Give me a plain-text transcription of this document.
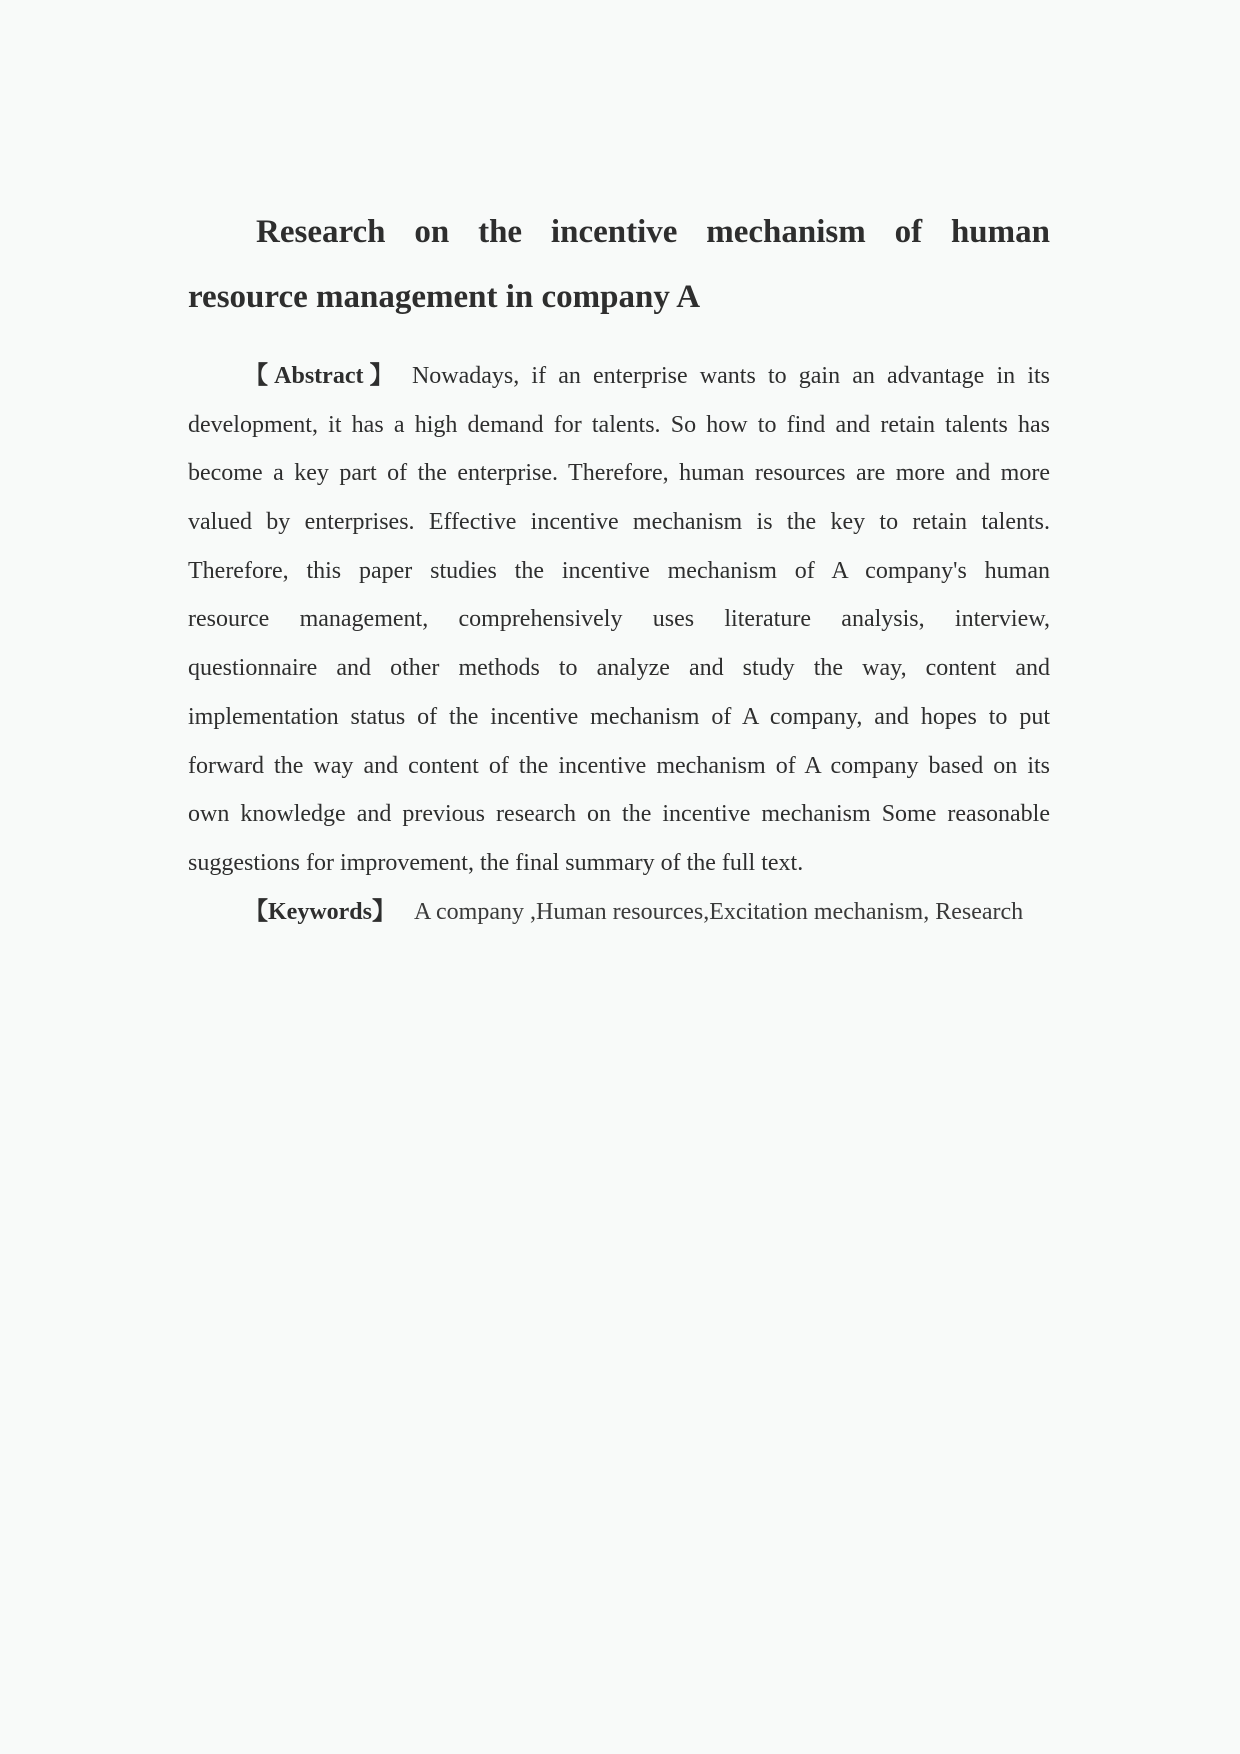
Research on the incentive mechanism of human
resource management in company A
【Abstract】 Nowadays, if an enterprise wants to gain an advantage in its
development, it has a high demand for talents. So how to find and retain talents has
become a key part of the enterprise. Therefore, human resources are more and more
valued by enterprises. Effective incentive mechanism is the key to retain talents.
Therefore, this paper studies the incentive mechanism of A company's human
resource management, comprehensively uses literature analysis, interview,
questionnaire and other methods to analyze and study the way, content and
implementation status of the incentive mechanism of A company, and hopes to put
forward the way and content of the incentive mechanism of A company based on its
own knowledge and previous research on the incentive mechanism Some reasonable
suggestions for improvement, the final summary of the full text.
【Keywords】 A company ,Human resources,Excitation mechanism, Research
